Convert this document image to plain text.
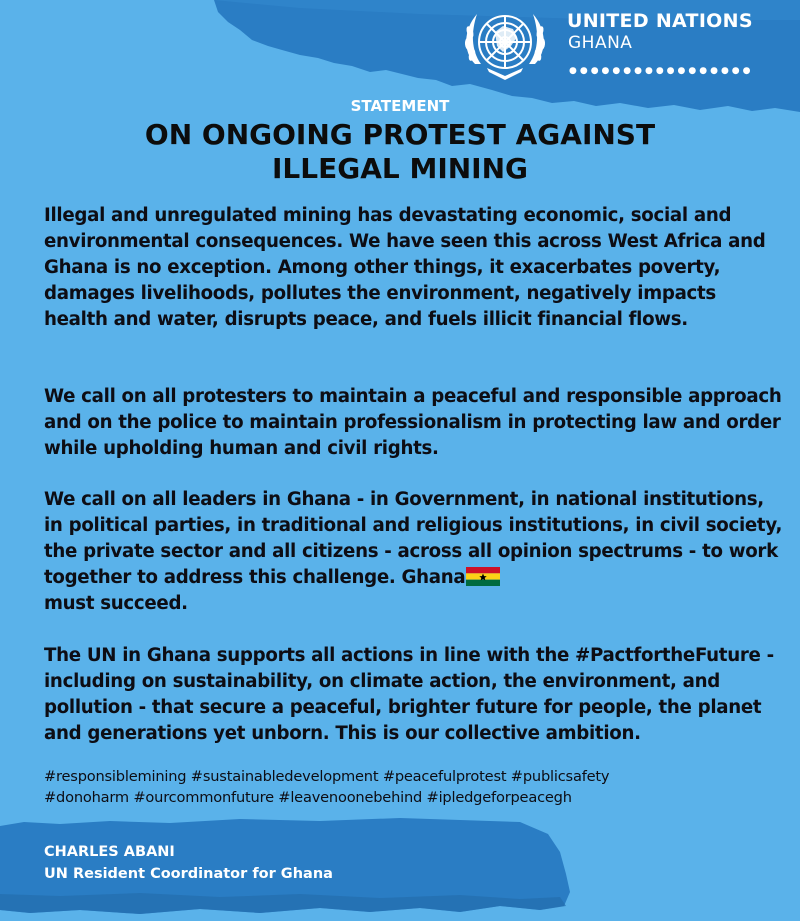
UNITED NATIONS
GHANA
●●●●●●●●●●●●●●●●●
STATEMENT
ON ONGOING PROTEST AGAINST
ILLEGAL MINING

Illegal and unregulated mining has devastating economic, social and environmental consequences. We have seen this across West Africa and Ghana is no exception. Among other things, it exacerbates poverty, damages livelihoods, pollutes the environment, negatively impacts health and water, disrupts peace, and fuels illicit financial flows.

We call on all protesters to maintain a peaceful and responsible approach and on the police to maintain professionalism in protecting law and order while upholding human and civil rights.

We call on all leaders in Ghana - in Government, in national institutions, in political parties, in traditional and religious institutions, in civil society, the private sector and all citizens - across all opinion spectrums - to work together to address this challenge. Ghana
must succeed.

The UN in Ghana supports all actions in line with the #PactfortheFuture - including on sustainability, on climate action, the environment, and pollution - that secure a peaceful, brighter future for people, the planet and generations yet unborn. This is our collective ambition.

#responsiblemining #sustainabledevelopment #peacefulprotest #publicsafety
#donoharm #ourcommonfuture #leavenoonebehind #ipledgeforpeacegh
CHARLES ABANI
UN Resident Coordinator for Ghana
